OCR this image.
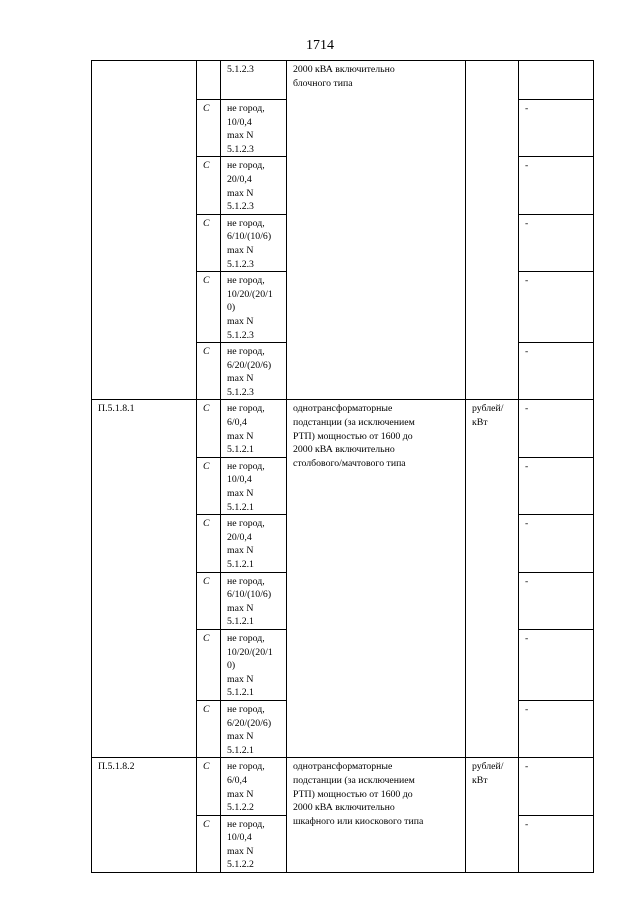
1714
		5.1.2.3	2000 кВА включительно
блочного типа		
	С	не город,
10/0,4
max N
5.1.2.3			-
	С	не город,
20/0,4
max N
5.1.2.3			-
	С	не город,
6/10/(10/6)
max N
5.1.2.3			-
	С	не город,
10/20/(20/1
0)
max N
5.1.2.3			-
	С	не город,
6/20/(20/6)
max N
5.1.2.3			-
П.5.1.8.1	С	не город,
6/0,4
max N
5.1.2.1	однотрансформаторные
подстанции (за исключением
РТП) мощностью от 1600 до
2000 кВА включительно
столбового/мачтового типа	рублей/
кВт	-
	С	не город,
10/0,4
max N
5.1.2.1			-
	С	не город,
20/0,4
max N
5.1.2.1			-
	С	не город,
6/10/(10/6)
max N
5.1.2.1			-
	С	не город,
10/20/(20/1
0)
max N
5.1.2.1			-
	С	не город,
6/20/(20/6)
max N
5.1.2.1			-
П.5.1.8.2	С	не город,
6/0,4
max N
5.1.2.2	однотрансформаторные
подстанции (за исключением
РТП) мощностью от 1600 до
2000 кВА включительно
шкафного или киоскового типа	рублей/
кВт	-
	С	не город,
10/0,4
max N
5.1.2.2			-
